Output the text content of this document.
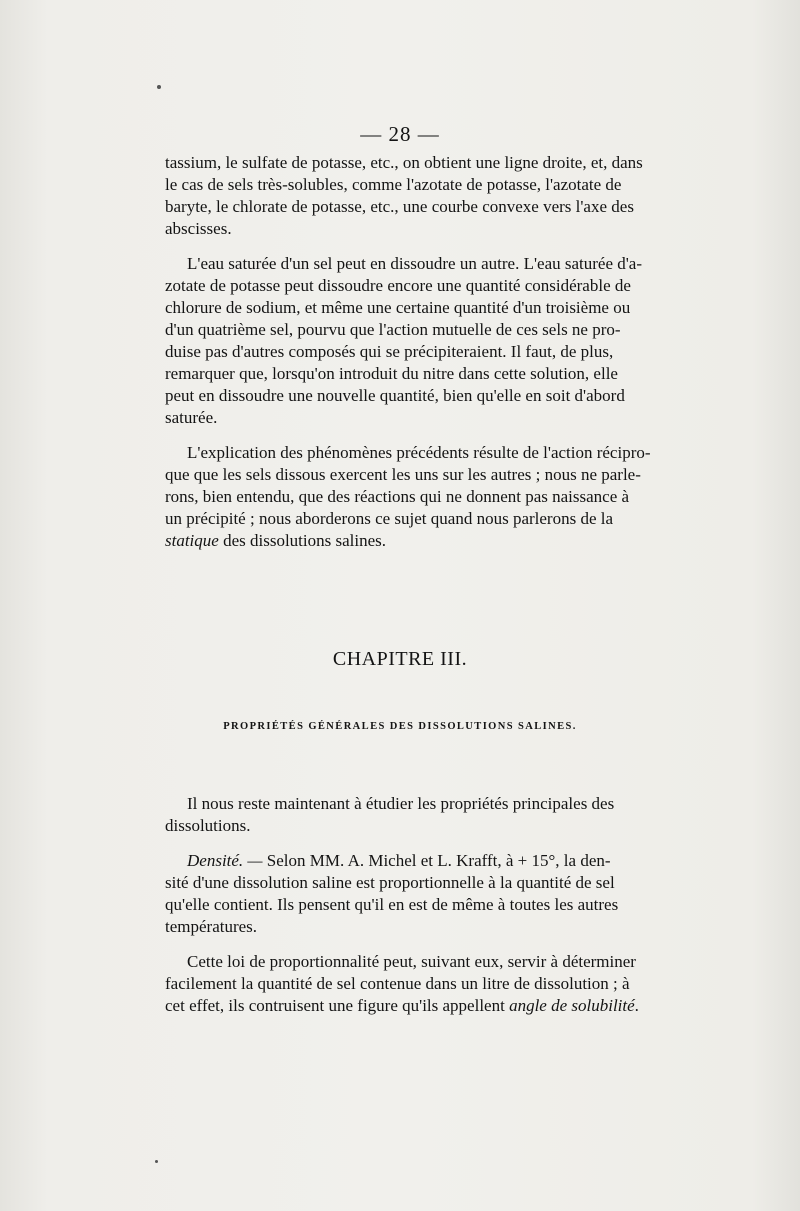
— 28 —

tassium, le sulfate de potasse, etc., on obtient une ligne droite, et, dans
le cas de sels très-solubles, comme l'azotate de potasse, l'azotate de
baryte, le chlorate de potasse, etc., une courbe convexe vers l'axe des
abscisses.

L'eau saturée d'un sel peut en dissoudre un autre. L'eau saturée d'a-
zotate de potasse peut dissoudre encore une quantité considérable de
chlorure de sodium, et même une certaine quantité d'un troisième ou
d'un quatrième sel, pourvu que l'action mutuelle de ces sels ne pro-
duise pas d'autres composés qui se précipiteraient. Il faut, de plus,
remarquer que, lorsqu'on introduit du nitre dans cette solution, elle
peut en dissoudre une nouvelle quantité, bien qu'elle en soit d'abord
saturée.

L'explication des phénomènes précédents résulte de l'action récipro-
que que les sels dissous exercent les uns sur les autres ; nous ne parle-
rons, bien entendu, que des réactions qui ne donnent pas naissance à
un précipité ; nous aborderons ce sujet quand nous parlerons de la
statique des dissolutions salines.

CHAPITRE III.
PROPRIÉTÉS GÉNÉRALES DES DISSOLUTIONS SALINES.

Il nous reste maintenant à étudier les propriétés principales des
dissolutions.

Densité. — Selon MM. A. Michel et L. Krafft, à + 15°, la den-
sité d'une dissolution saline est proportionnelle à la quantité de sel
qu'elle contient. Ils pensent qu'il en est de même à toutes les autres
températures.

Cette loi de proportionnalité peut, suivant eux, servir à déterminer
facilement la quantité de sel contenue dans un litre de dissolution ; à
cet effet, ils contruisent une figure qu'ils appellent angle de solubilité.
